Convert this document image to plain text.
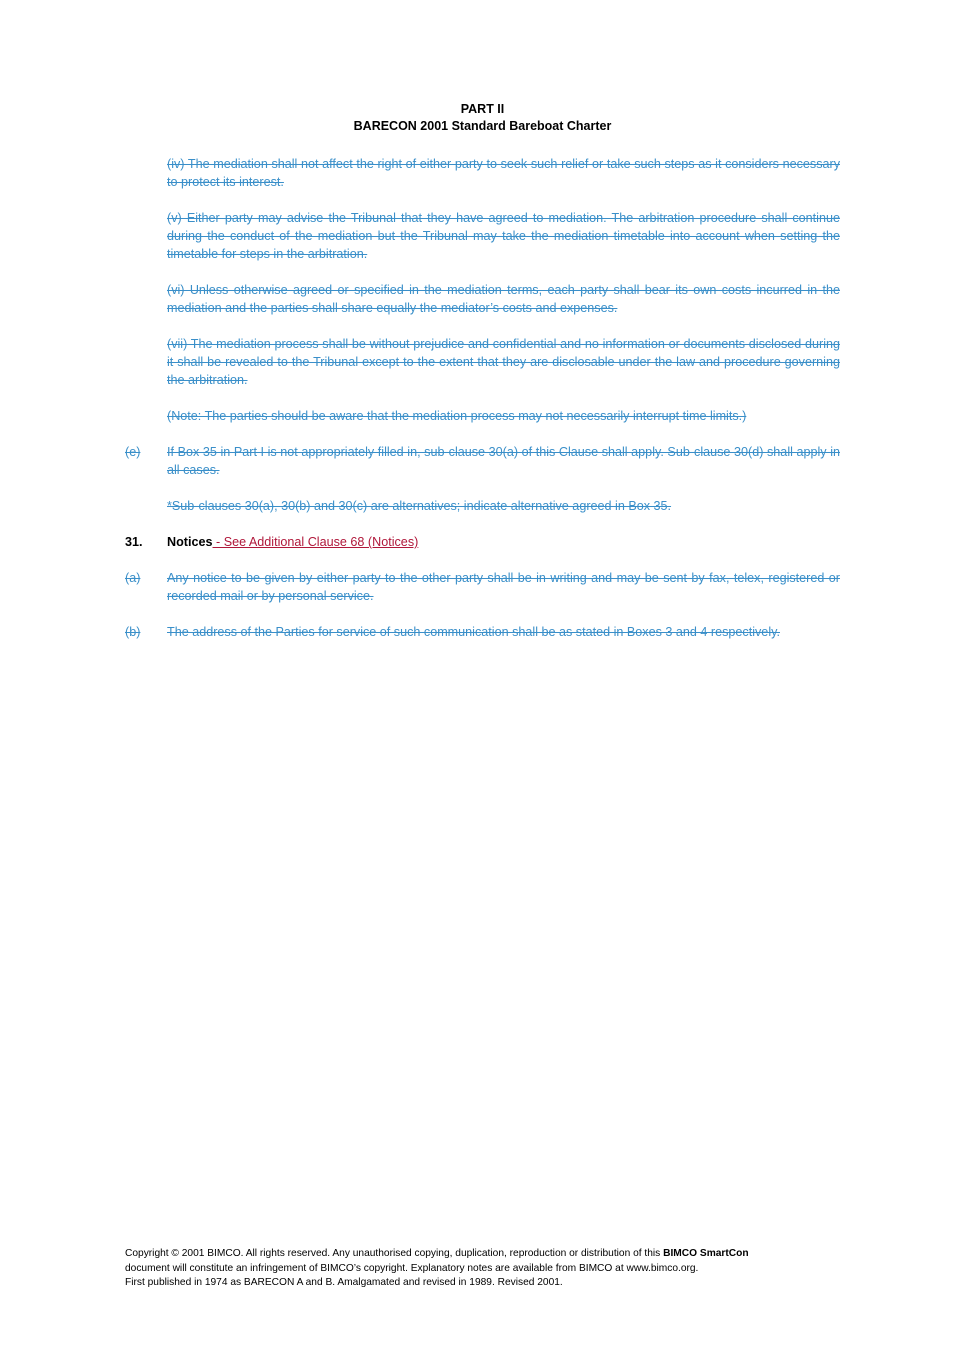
PART II
BARECON 2001 Standard Bareboat Charter
(iv) The mediation shall not affect the right of either party to seek such relief or take such steps as it considers necessary to protect its interest.
(v) Either party may advise the Tribunal that they have agreed to mediation. The arbitration procedure shall continue during the conduct of the mediation but the Tribunal may take the mediation timetable into account when setting the timetable for steps in the arbitration.
(vi) Unless otherwise agreed or specified in the mediation terms, each party shall bear its own costs incurred in the mediation and the parties shall share equally the mediator’s costs and expenses.
(vii) The mediation process shall be without prejudice and confidential and no information or documents disclosed during it shall be revealed to the Tribunal except to the extent that they are disclosable under the law and procedure governing the arbitration.
(Note: The parties should be aware that the mediation process may not necessarily interrupt time limits.)
(e)	If Box 35 in Part I is not appropriately filled in, sub-clause 30(a) of this Clause shall apply. Sub-clause 30(d) shall apply in all cases.
*Sub-clauses 30(a), 30(b) and 30(c) are alternatives; indicate alternative agreed in Box 35.
31.	Notices - See Additional Clause 68 (Notices)
(a)	Any notice to be given by either party to the other party shall be in writing and may be sent by fax, telex, registered or recorded mail or by personal service.
(b)	The address of the Parties for service of such communication shall be as stated in Boxes 3 and 4 respectively.
Copyright © 2001 BIMCO. All rights reserved. Any unauthorised copying, duplication, reproduction or distribution of this BIMCO SmartCon
document will constitute an infringement of BIMCO’s copyright. Explanatory notes are available from BIMCO at www.bimco.org.
First published in 1974 as BARECON A and B. Amalgamated and revised in 1989. Revised 2001.
